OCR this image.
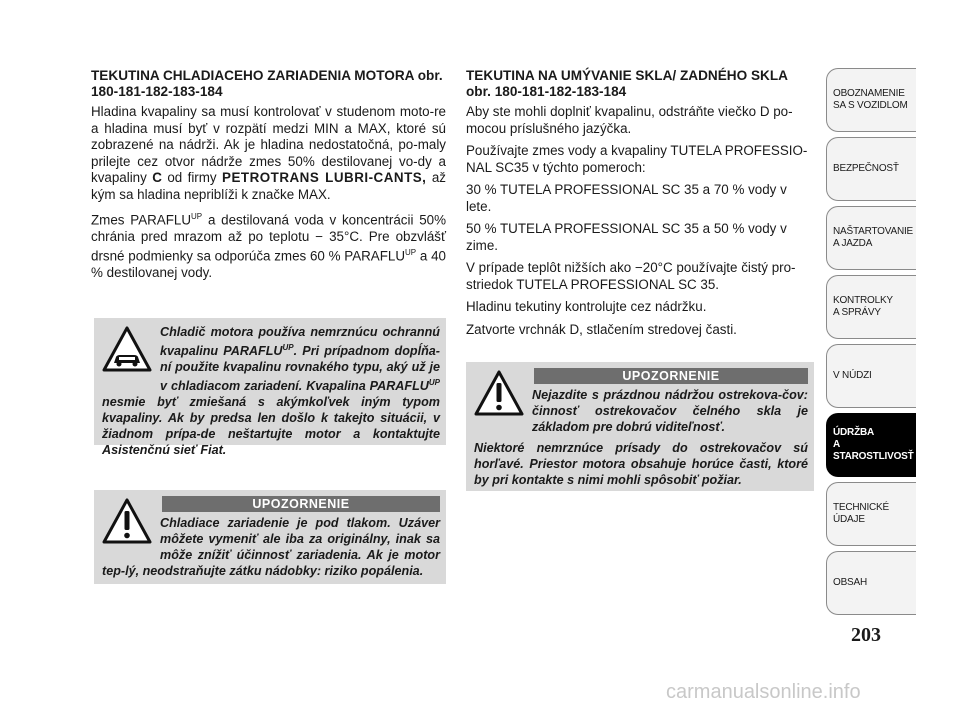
TEKUTINA CHLADIACEHO ZARIADENIA MOTORA obr. 180-181-182-183-184

Hladina kvapaliny sa musí kontrolovať v studenom moto-re a hladina musí byť v rozpätí medzi MIN a MAX, ktoré sú zobrazené na nádrži. Ak je hladina nedostatočná, po-maly prilejte cez otvor nádrže zmes 50% destilovanej vo-dy a kvapaliny C od firmy PETROTRANS LUBRI-CANTS, až kým sa hladina nepriblíži k značke MAX.

Zmes $PARAFLU^{UP}$ a destilovaná voda v koncentrácii 50% chránia pred mrazom až po teplotu − 35°C. Pre obzvlášť drsné podmienky sa odporúča zmes 60 % $PARAFLU^{UP}$ a 40 % destilovanej vody.

Chladič motora používa nemrznúcu ochrannú kvapalinu $PARAFLU^{UP}$. Pri prípadnom dopĺňa-ní použite kvapalinu rovnakého typu, aký už je v chladiacom zariadení. Kvapalina $PARAFLU^{UP}$ nesmie byť zmiešaná s akýmkoľvek iným typom kvapaliny. Ak by predsa len došlo k takejto situácii, v žiadnom prípa-de neštartujte motor a kontaktujte Asistenčnú sieť Fiat.

UPOZORNENIE

Chladiace zariadenie je pod tlakom. Uzáver môžete vymeniť ale iba za originálny, inak sa môže znížiť účinnosť zariadenia. Ak je motor tep-lý, neodstraňujte zátku nádobky: riziko popálenia.

TEKUTINA NA UMÝVANIE SKLA/ ZADNÉHO SKLA obr. 180-181-182-183-184

Aby ste mohli doplniť kvapalinu, odstráňte viečko D po-mocou príslušného jazýčka.

Používajte zmes vody a kvapaliny TUTELA PROFESSIO-NAL SC35 v týchto pomeroch:

30 % TUTELA PROFESSIONAL SC 35 a 70 % vody v lete.

50 % TUTELA PROFESSIONAL SC 35 a 50 % vody v zime.

V prípade teplôt nižších ako −20°C používajte čistý pro-striedok TUTELA PROFESSIONAL SC 35.

Hladinu tekutiny kontrolujte cez nádržku.

Zatvorte vrchnák D, stlačením stredovej časti.

UPOZORNENIE

Nejazdite s prázdnou nádržou ostrekova-čov: činnosť ostrekovačov čelného skla je základom pre dobrú viditeľnosť.

Niektoré nemrznúce prísady do ostrekovačov sú horľavé. Priestor motora obsahuje horúce časti, ktoré by pri kontakte s nimi mohli spôsobiť požiar.

OBOZNAMENIE
SA S VOZIDLOM
BEZPEČNOSŤ
NAŠTARTOVANIE
A JAZDA
KONTROLKY
A SPRÁVY
V NÚDZI
ÚDRŽBA
A STAROSTLIVOSŤ
TECHNICKÉ
ÚDAJE
OBSAH
203
carmanualsonline.info
